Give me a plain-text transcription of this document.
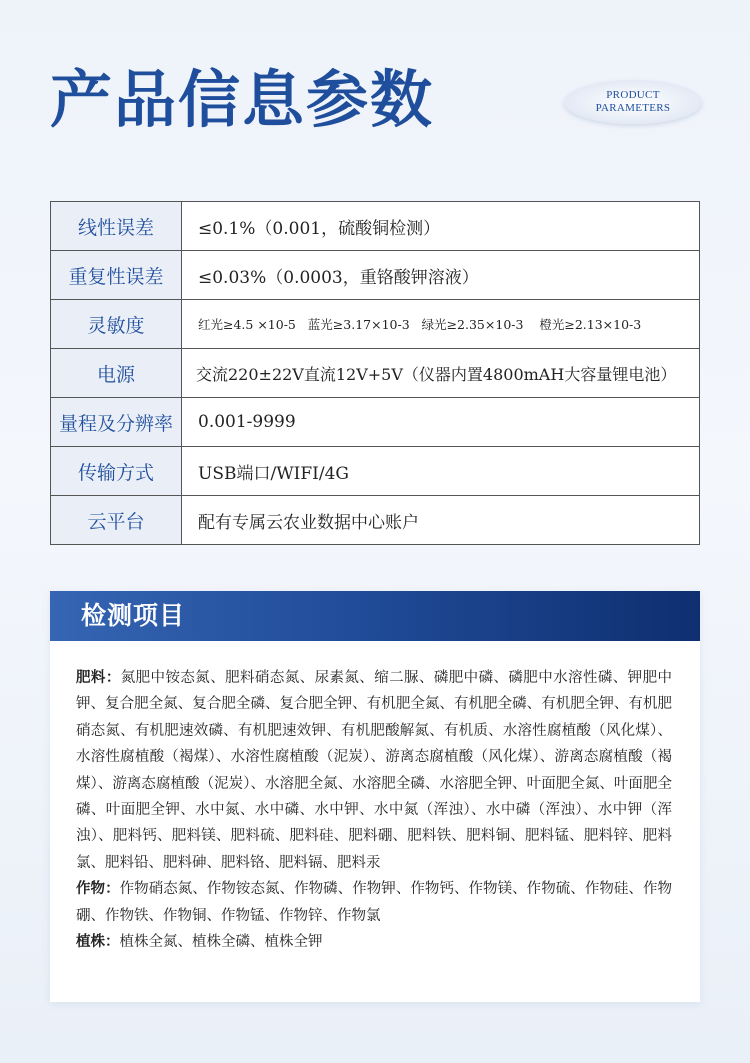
产品信息参数	PRODUCT
PARAMETERS
线性误差	≤0.1%（0.001，硫酸铜检测）
重复性误差	≤0.03%（0.0003，重铬酸钾溶液）
灵敏度	红光≥4.5 ×10-5   蓝光≥3.17×10-3   绿光≥2.35×10-3    橙光≥2.13×10-3
电源	交流220±22V直流12V+5V（仪器内置4800mAH大容量锂电池）
量程及分辨率	0.001-9999
传输方式	USB端口/WIFI/4G
云平台	配有专属云农业数据中心账户
检测项目

肥料：氮肥中铵态氮、肥料硝态氮、尿素氮、缩二脲、磷肥中磷、磷肥中水溶性磷、钾肥中钾、复合肥全氮、复合肥全磷、复合肥全钾、有机肥全氮、有机肥全磷、有机肥全钾、有机肥硝态氮、有机肥速效磷、有机肥速效钾、有机肥酸解氮、有机质、水溶性腐植酸（风化煤）、水溶性腐植酸（褐煤）、水溶性腐植酸（泥炭）、游离态腐植酸（风化煤）、游离态腐植酸（褐煤）、游离态腐植酸（泥炭）、水溶肥全氮、水溶肥全磷、水溶肥全钾、叶面肥全氮、叶面肥全磷、叶面肥全钾、水中氮、水中磷、水中钾、水中氮（浑浊）、水中磷（浑浊）、水中钾（浑浊）、肥料钙、肥料镁、肥料硫、肥料硅、肥料硼、肥料铁、肥料铜、肥料锰、肥料锌、肥料氯、肥料铅、肥料砷、肥料铬、肥料镉、肥料汞

作物：作物硝态氮、作物铵态氮、作物磷、作物钾、作物钙、作物镁、作物硫、作物硅、作物硼、作物铁、作物铜、作物锰、作物锌、作物氯

植株：植株全氮、植株全磷、植株全钾
